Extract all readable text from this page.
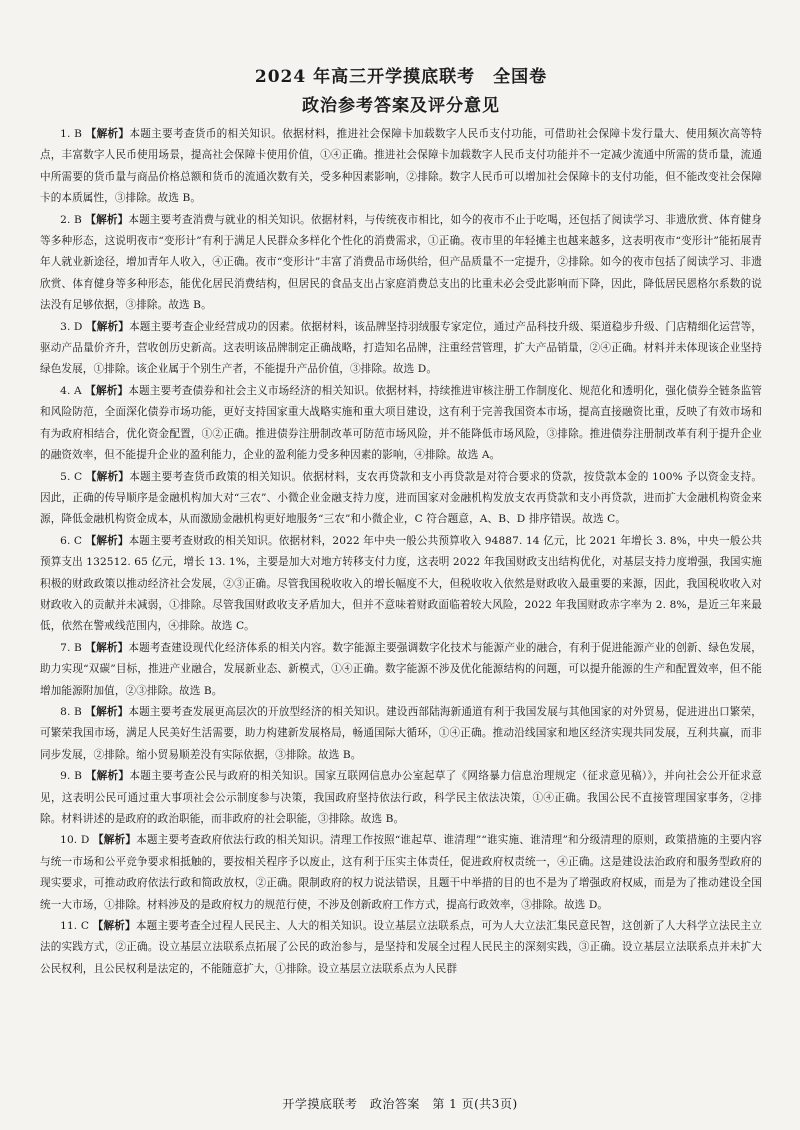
2024 年高三开学摸底联考　全国卷
政治参考答案及评分意见

1. B 【解析】本题主要考查货币的相关知识。依据材料，推进社会保障卡加载数字人民币支付功能，可借助社会保障卡发行量大、使用频次高等特点，丰富数字人民币使用场景，提高社会保障卡使用价值，①④正确。推进社会保障卡加载数字人民币支付功能并不一定减少流通中所需的货币量，流通中所需要的货币量与商品价格总额和货币的流通次数有关，受多种因素影响，②排除。数字人民币可以增加社会保障卡的支付功能，但不能改变社会保障卡的本质属性，③排除。故选 B。

2. B 【解析】本题主要考查消费与就业的相关知识。依据材料，与传统夜市相比，如今的夜市不止于吃喝，还包括了阅读学习、非遗欣赏、体育健身等多种形态，这说明夜市“变形计”有利于满足人民群众多样化个性化的消费需求，①正确。夜市里的年轻摊主也越来越多，这表明夜市“变形计”能拓展青年人就业新途径，增加青年人收入，④正确。夜市“变形计”丰富了消费品市场供给，但产品质量不一定提升，②排除。如今的夜市包括了阅读学习、非遗欣赏、体育健身等多种形态，能优化居民消费结构，但居民的食品支出占家庭消费总支出的比重未必会受此影响而下降，因此，降低居民恩格尔系数的说法没有足够依据，③排除。故选 B。

3. D 【解析】本题主要考查企业经营成功的因素。依据材料，该品牌坚持羽绒服专家定位，通过产品科技升级、渠道稳步升级、门店精细化运营等，驱动产品量价齐升，营收创历史新高。这表明该品牌制定正确战略，打造知名品牌，注重经营管理，扩大产品销量，②④正确。材料并未体现该企业坚持绿色发展，①排除。该企业属于个别生产者，不能提升产品价值，③排除。故选 D。

4. A 【解析】本题主要考查债券和社会主义市场经济的相关知识。依据材料，持续推进审核注册工作制度化、规范化和透明化，强化债券全链条监管和风险防范，全面深化债券市场功能，更好支持国家重大战略实施和重大项目建设，这有利于完善我国资本市场，提高直接融资比重，反映了有效市场和有为政府相结合，优化资金配置，①②正确。推进债券注册制改革可防范市场风险，并不能降低市场风险，③排除。推进债券注册制改革有利于提升企业的融资效率，但不能提升企业的盈利能力，企业的盈利能力受多种因素的影响，④排除。故选 A。

5. C 【解析】本题主要考查货币政策的相关知识。依据材料，支农再贷款和支小再贷款是对符合要求的贷款，按贷款本金的 100% 予以资金支持。因此，正确的传导顺序是金融机构加大对“三农”、小微企业金融支持力度，进而国家对金融机构发放支农再贷款和支小再贷款，进而扩大金融机构资金来源，降低金融机构资金成本，从而激励金融机构更好地服务“三农”和小微企业，C 符合题意，A、B、D 排序错误。故选 C。

6. C 【解析】本题主要考查财政的相关知识。依据材料，2022 年中央一般公共预算收入 94887. 14 亿元，比 2021 年增长 3. 8%，中央一般公共预算支出 132512. 65 亿元，增长 13. 1%，主要是加大对地方转移支付力度，这表明 2022 年我国财政支出结构优化，对基层支持力度增强，我国实施积极的财政政策以推动经济社会发展，②③正确。尽管我国税收收入的增长幅度不大，但税收收入依然是财政收入最重要的来源，因此，我国税收收入对财政收入的贡献并未减弱，①排除。尽管我国财政收支矛盾加大，但并不意味着财政面临着较大风险，2022 年我国财政赤字率为 2. 8%，是近三年来最低，依然在警戒线范围内，④排除。故选 C。

7. B 【解析】本题考查建设现代化经济体系的相关内容。数字能源主要强调数字化技术与能源产业的融合，有利于促进能源产业的创新、绿色发展，助力实现“双碳”目标，推进产业融合，发展新业态、新模式，①④正确。数字能源不涉及优化能源结构的问题，可以提升能源的生产和配置效率，但不能增加能源附加值，②③排除。故选 B。

8. B 【解析】本题主要考查发展更高层次的开放型经济的相关知识。建设西部陆海新通道有利于我国发展与其他国家的对外贸易，促进进出口繁荣，可繁荣我国市场，满足人民美好生活需要，助力构建新发展格局，畅通国际大循环，①④正确。推动沿线国家和地区经济实现共同发展，互利共赢，而非同步发展，②排除。缩小贸易顺差没有实际依据，③排除。故选 B。

9. B 【解析】本题主要考查公民与政府的相关知识。国家互联网信息办公室起草了《网络暴力信息治理规定（征求意见稿）》，并向社会公开征求意见，这表明公民可通过重大事项社会公示制度参与决策，我国政府坚持依法行政，科学民主依法决策，①④正确。我国公民不直接管理国家事务，②排除。材料讲述的是政府的政治职能，而非政府的社会职能，③排除。故选 B。

10. D 【解析】本题主要考查政府依法行政的相关知识。清理工作按照“谁起草、谁清理”“谁实施、谁清理”和分级清理的原则，政策措施的主要内容与统一市场和公平竞争要求相抵触的，要按相关程序予以废止，这有利于压实主体责任，促进政府权责统一，④正确。这是建设法治政府和服务型政府的现实要求，可推动政府依法行政和简政放权，②正确。限制政府的权力说法错误，且题干中举措的目的也不是为了增强政府权威，而是为了推动建设全国统一大市场，①排除。材料涉及的是政府权力的规范行使，不涉及创新政府工作方式，提高行政效率，③排除。故选 D。

11. C 【解析】本题主要考查全过程人民民主、人大的相关知识。设立基层立法联系点，可为人大立法汇集民意民智，这创新了人大科学立法民主立法的实践方式，②正确。设立基层立法联系点拓展了公民的政治参与，是坚持和发展全过程人民民主的深刻实践，③正确。设立基层立法联系点并未扩大公民权利，且公民权利是法定的，不能随意扩大，①排除。设立基层立法联系点为人民群

开学摸底联考　政治答案　第 1 页(共3页)
